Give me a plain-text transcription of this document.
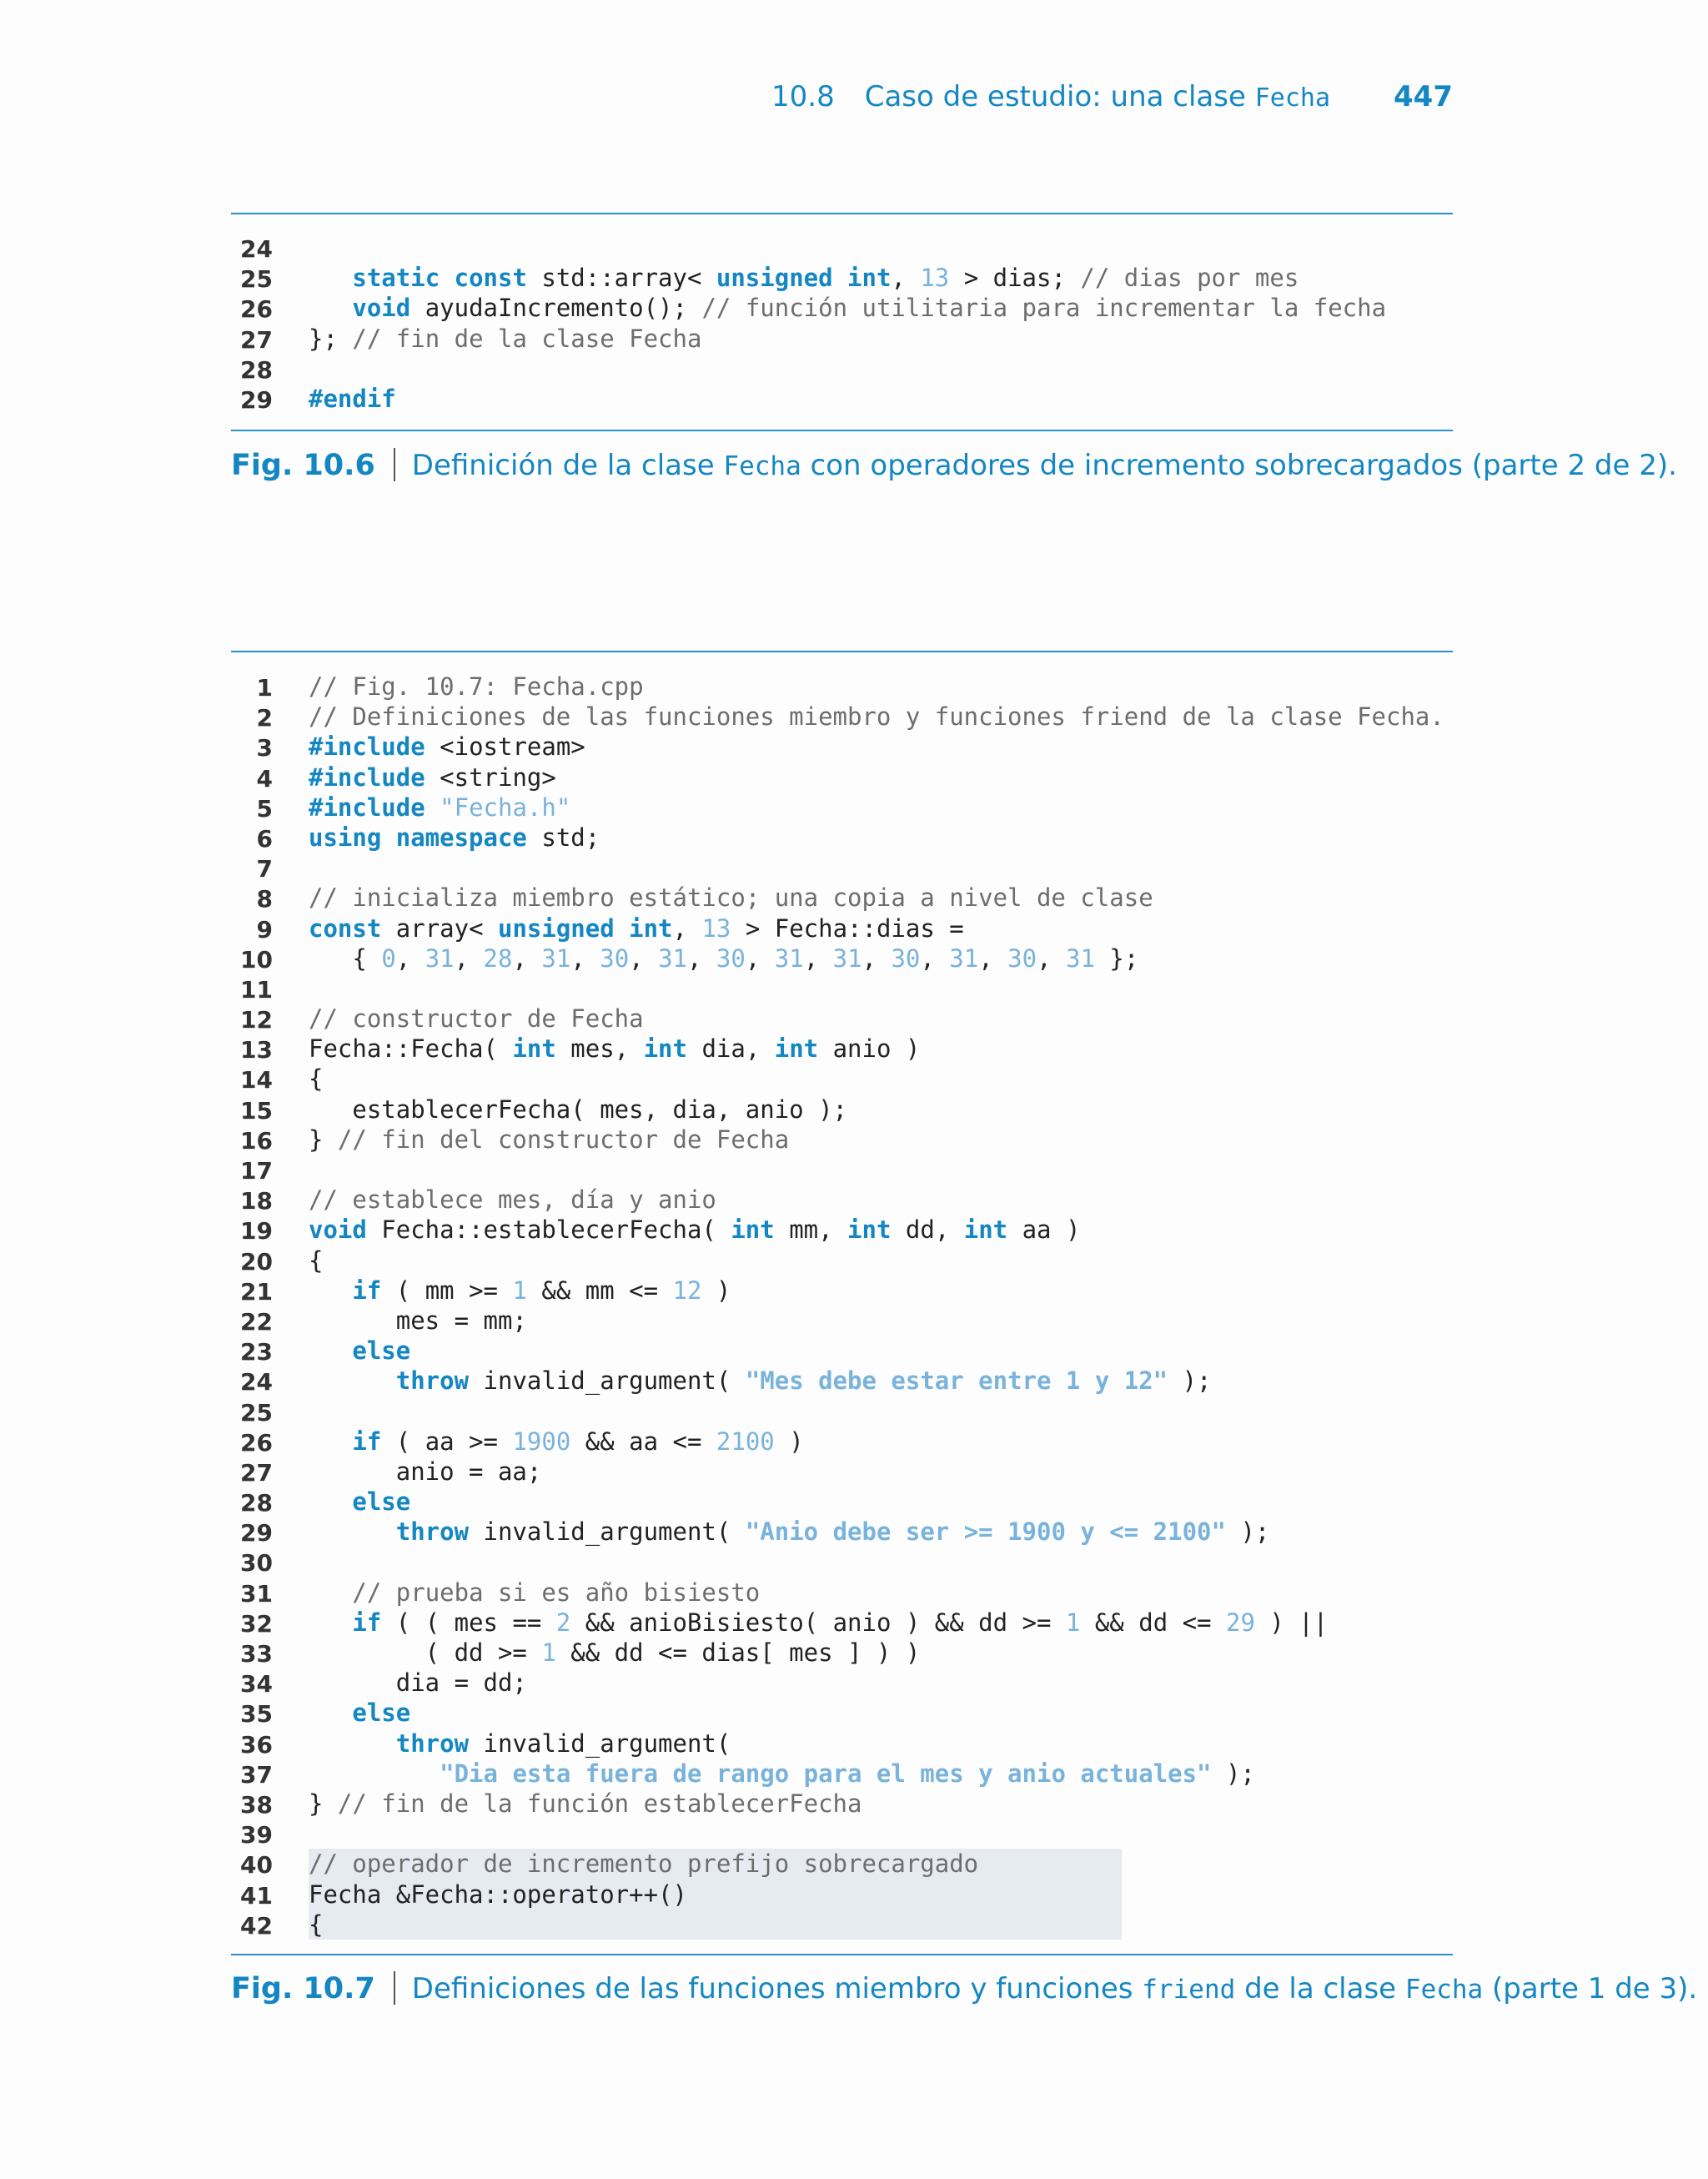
10.8 Caso de estudio: una clase Fecha 447
24
25	static const std::array< unsigned int, 13 > dias; // dias por mes
26	void ayudaIncremento(); // función utilitaria para incrementar la fecha
27 }; // fin de la clase Fecha
28
29 #endif
Fig. 10.6 Definición de la clase Fecha con operadores de incremento sobrecargados (parte 2 de 2).
1 // Fig. 10.7: Fecha.cpp
2 // Definiciones de las funciones miembro y funciones friend de la clase Fecha.
3 #include <iostream>
4 #include <string>
5 #include "Fecha.h"
6 using namespace std;
7
8 // inicializa miembro estático; una copia a nivel de clase
9 const array< unsigned int, 13 > Fecha::dias =
10 { 0, 31, 28, 31, 30, 31, 30, 31, 31, 30, 31, 30, 31 };
11
12 // constructor de Fecha
13 Fecha::Fecha( int mes, int dia, int anio )
14 {
15 establecerFecha( mes, dia, anio );
16 } // fin del constructor de Fecha
17
18 // establece mes, día y anio
19 void Fecha::establecerFecha( int mm, int dd, int aa )
20 {
21	if ( mm >= 1 && mm <= 12 )
22 mes = mm;
23	else
24	throw invalid_argument( "Mes debe estar entre 1 y 12" );
25
26	if ( aa >= 1900 && aa <= 2100 )
27 anio = aa;
28	else
29	throw invalid_argument( "Anio debe ser >= 1900 y <= 2100" );
30
31	// prueba si es año bisiesto
32	if ( ( mes == 2 && anioBisiesto( anio ) && dd >= 1 && dd <= 29 ) ||
33 ( dd >= 1 && dd <= dias[ mes ] ) )
34 dia = dd;
35	else
36	throw invalid_argument(
37	"Dia esta fuera de rango para el mes y anio actuales" );
38 } // fin de la función establecerFecha
39
40 // operador de incremento prefijo sobrecargado
41 Fecha &Fecha::operator++()
42 {
Fig. 10.7 Definiciones de las funciones miembro y funciones friend de la clase Fecha (parte 1 de 3).
